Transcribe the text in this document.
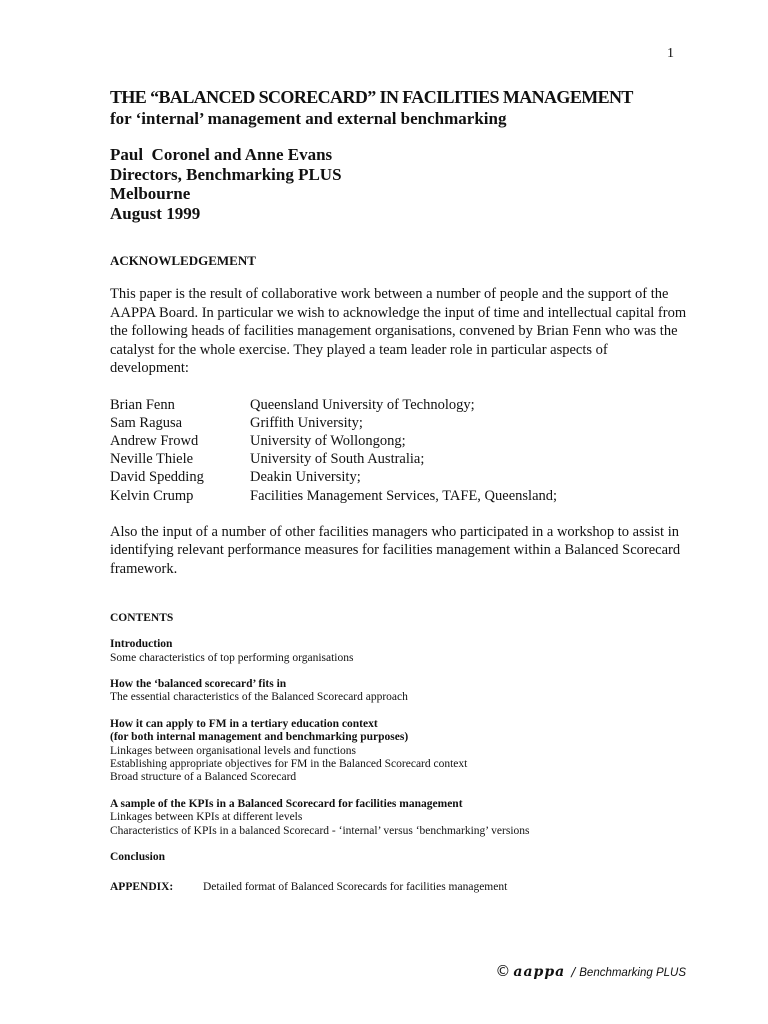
1
THE “BALANCED SCORECARD” IN FACILITIES MANAGEMENT
for ‘internal’ management and external benchmarking
Paul  Coronel and Anne Evans
Directors, Benchmarking PLUS
Melbourne
August 1999
ACKNOWLEDGEMENT
This paper is the result of collaborative work between a number of people and the support of the AAPPA Board. In particular we wish to acknowledge the input of time and intellectual capital from the following heads of facilities management organisations, convened by Brian Fenn who was the catalyst for the whole exercise. They played a team leader role in particular aspects of development:
Brian Fenn	Queensland University of Technology;
Sam Ragusa	Griffith University;
Andrew Frowd	University of Wollongong;
Neville Thiele	University of South Australia;
David Spedding	Deakin University;
Kelvin Crump	Facilities Management Services, TAFE, Queensland;
Also the input of a number of other facilities managers who participated in a workshop to assist in identifying relevant performance measures for facilities management within a Balanced Scorecard framework.
CONTENTS
Introduction
Some characteristics of top performing organisations
How the ‘balanced scorecard’ fits in
The essential characteristics of the Balanced Scorecard approach
How it can apply to FM in a tertiary education context
(for both internal management and benchmarking purposes)
Linkages between organisational levels and functions
Establishing appropriate objectives for FM in the Balanced Scorecard context
Broad structure of a Balanced Scorecard
A sample of the KPIs in a Balanced Scorecard for facilities management
Linkages between KPIs at different levels
Characteristics of KPIs in a balanced Scorecard - ‘internal’ versus ‘benchmarking’ versions
Conclusion
APPENDIX:	Detailed format of Balanced Scorecards for facilities management
© aappa / Benchmarking PLUS
